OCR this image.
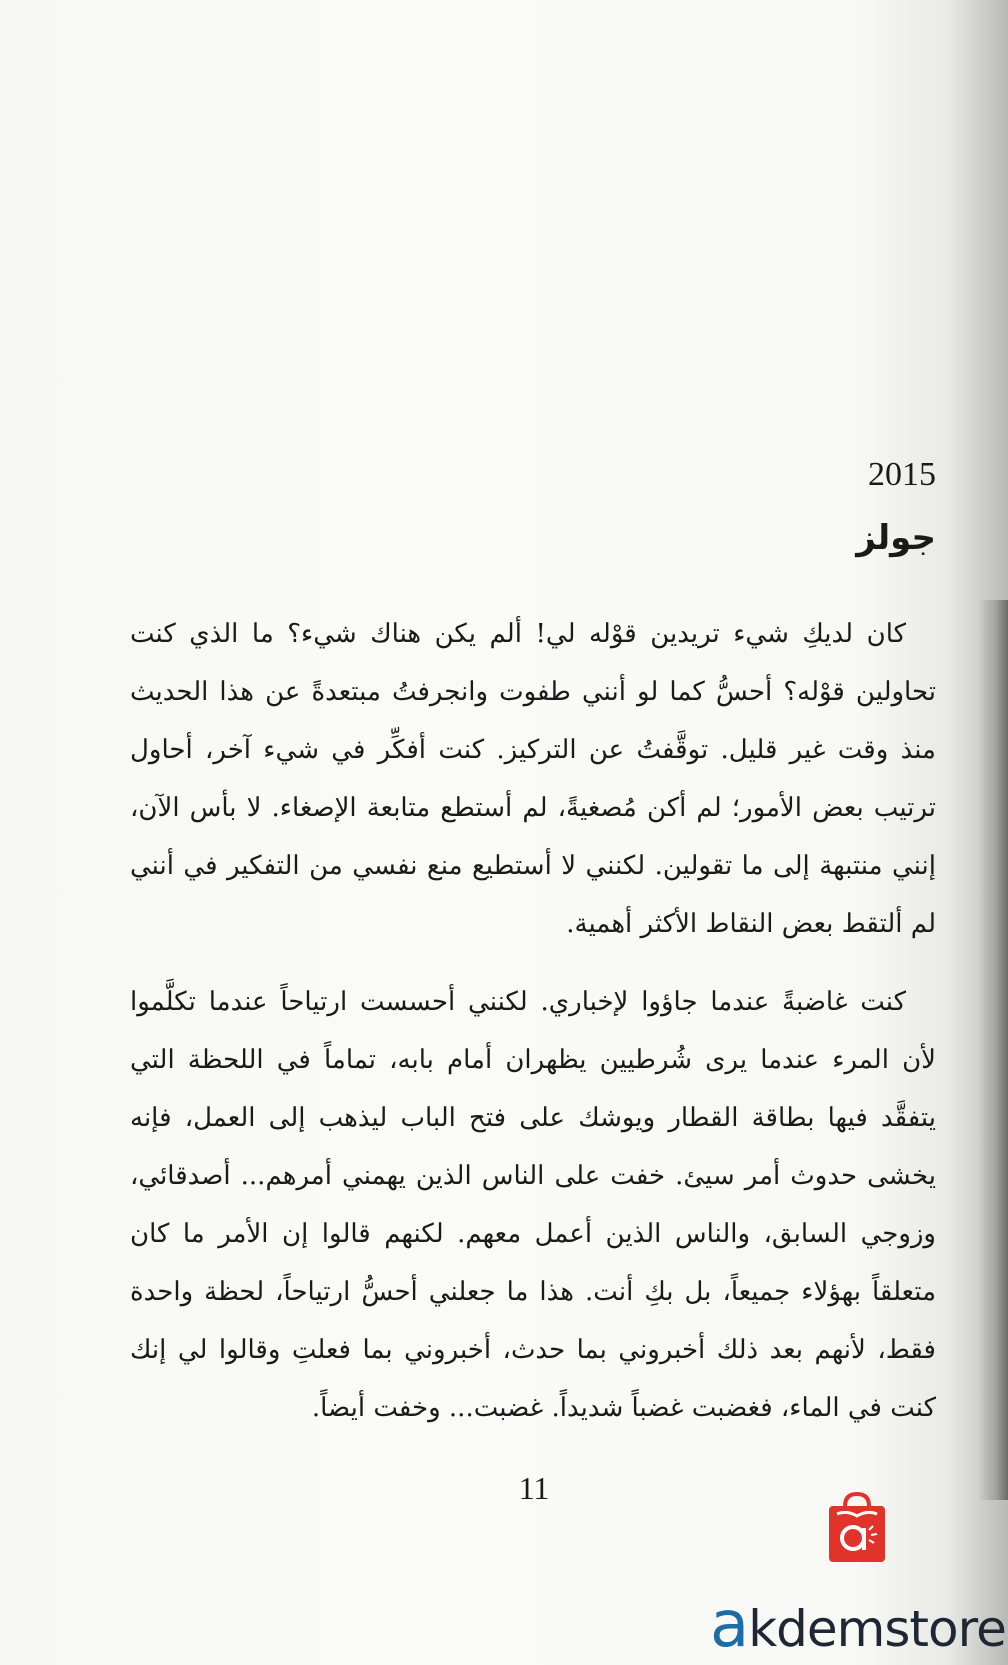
2015
جولز

كان لديكِ شيء تريدين قوْله لي! ألم يكن هناك شيء؟ ما الذي كنت تحاولين قوْله؟ أحسُّ كما لو أنني طفوت وانجرفتُ مبتعدةً عن هذا الحديث منذ وقت غير قليل. توقَّفتُ عن التركيز. كنت أفكِّر في شيء آخر، أحاول ترتيب بعض الأمور؛ لم أكن مُصغيةً، لم أستطع متابعة الإصغاء. لا بأس الآن، إنني منتبهة إلى ما تقولين. لكنني لا أستطيع منع نفسي من التفكير في أنني لم ألتقط بعض النقاط الأكثر أهمية.

كنت غاضبةً عندما جاؤوا لإخباري. لكنني أحسست ارتياحاً عندما تكلَّموا لأن المرء عندما يرى شُرطيين يظهران أمام بابه، تماماً في اللحظة التي يتفقَّد فيها بطاقة القطار ويوشك على فتح الباب ليذهب إلى العمل، فإنه يخشى حدوث أمر سيئ. خفت على الناس الذين يهمني أمرهم... أصدقائي، وزوجي السابق، والناس الذين أعمل معهم. لكنهم قالوا إن الأمر ما كان متعلقاً بهؤلاء جميعاً، بل بكِ أنت. هذا ما جعلني أحسُّ ارتياحاً، لحظة واحدة فقط، لأنهم بعد ذلك أخبروني بما حدث، أخبروني بما فعلتِ وقالوا لي إنك كنت في الماء، فغضبت غضباً شديداً. غضبت... وخفت أيضاً.

11
akdemstore
